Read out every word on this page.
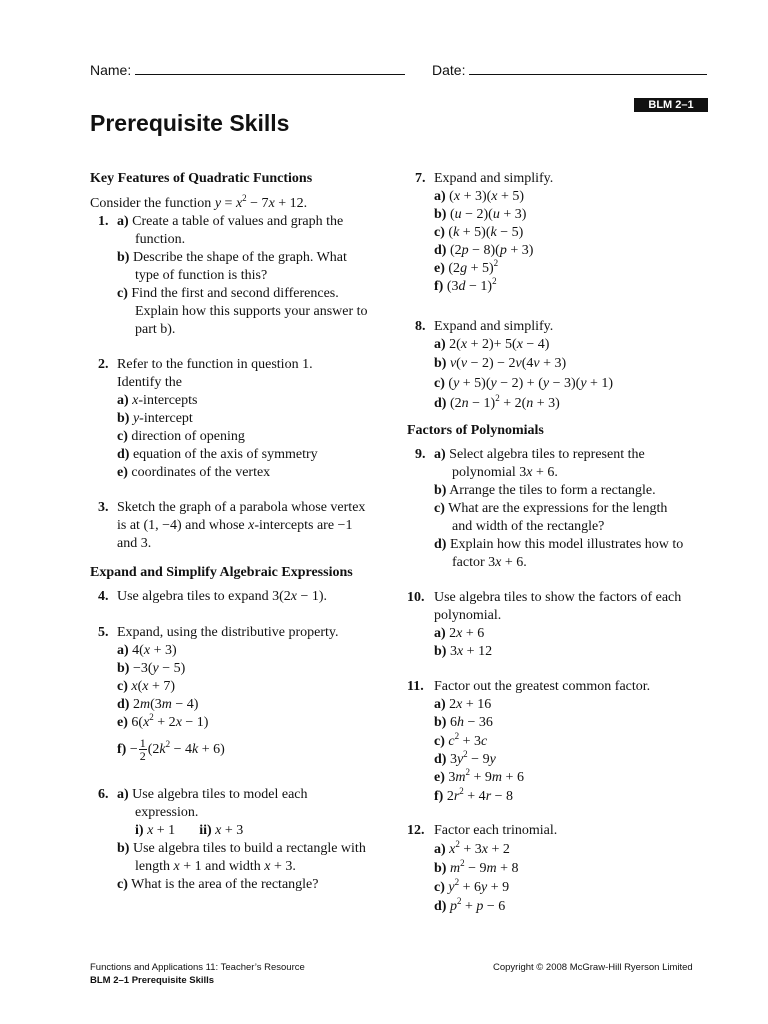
Name:	Date:
BLM 2–1
Prerequisite Skills
Key Features of Quadratic Functions
Consider the function $y = x^2 - 7x + 12$.
1. a) Create a table of values and graph the
function.
b) Describe the shape of the graph. What
type of function is this?
c) Find the first and second differences.
Explain how this supports your answer to
part b).
2. Refer to the function in question 1.
Identify the
a) x-intercepts
b) y-intercept
c) direction of opening
d) equation of the axis of symmetry
e) coordinates of the vertex
3. Sketch the graph of a parabola whose vertex
is at (1, −4) and whose x-intercepts are −1
and 3.
Expand and Simplify Algebraic Expressions
4. Use algebra tiles to expand 3(2x − 1).
5. Expand, using the distributive property.
a) 4(x + 3)
b) −3(y − 5)
c) x(x + 7)
d) 2m(3m − 4)
e) $6(x^2 + 2x - 1)$
$f) - \frac{1}{2} (2k^2 - 4k + 6)$
6. a) Use algebra tiles to model each
expression.
i) x + 1 ii) x + 3
b) Use algebra tiles to build a rectangle with
length x + 1 and width x + 3.
c) What is the area of the rectangle?
7. Expand and simplify.
a) (x + 3)(x + 5)
b) (u − 2)(u + 3)
c) (k + 5)(k − 5)
d) (2p − 8)(p + 3)
e) $(2g + 5)^2$
f) $(3d - 1)^2$
8. Expand and simplify.
a) 2(x + 2)+ 5(x − 4)
b) v(v − 2) − 2v(4v + 3)
c) (y + 5)(y − 2) + (y − 3)(y + 1)
d) $(2n - 1)^2 + 2(n + 3)$
Factors of Polynomials
9. a) Select algebra tiles to represent the
polynomial 3x + 6.
b) Arrange the tiles to form a rectangle.
c) What are the expressions for the length
and width of the rectangle?
d) Explain how this model illustrates how to
factor 3x + 6.
10. Use algebra tiles to show the factors of each
polynomial.
a) 2x + 6
b) 3x + 12
11. Factor out the greatest common factor.
a) 2x + 16
b) 6h − 36
c) $c^2 + 3c$
d) $3y^2 - 9y$
e) $3m^2 + 9m + 6$
f) $2r^2 + 4r - 8$
12. Factor each trinomial.
a) $x^2 + 3x + 2$
b) $m^2 - 9m + 8$
c) $y^2 + 6y + 9$
d) $p^2 + p - 6$
Functions and Applications 11: Teacher’s Resource
BLM 2–1 Prerequisite Skills
Copyright © 2008 McGraw-Hill Ryerson Limited
